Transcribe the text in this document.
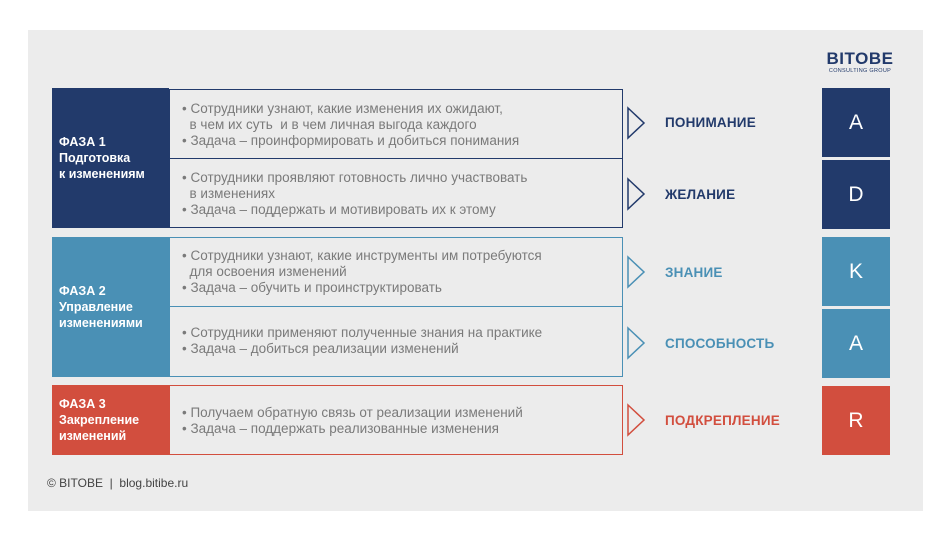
BITOBE
CONSULTING GROUP
ФАЗА 1
Подготовка
к изменениям
ФАЗА 2
Управление
изменениями
ФАЗА 3
Закрепление
изменений
• Сотрудники узнают, какие изменения их ожидают,
в чем их суть  и в чем личная выгода каждого
• Задача – проинформировать и добиться понимания
• Сотрудники проявляют готовность лично участвовать
в изменениях
• Задача – поддержать и мотивировать их к этому
• Сотрудники узнают, какие инструменты им потребуются
для освоения изменений
• Задача – обучить и проинструктировать
• Сотрудники применяют полученные знания на практике
• Задача – добиться реализации изменений
• Получаем обратную связь от реализации изменений
• Задача – поддержать реализованные изменения
ПОНИМАНИЕ
ЖЕЛАНИЕ
ЗНАНИЕ
СПОСОБНОСТЬ
ПОДКРЕПЛЕНИЕ
A
D
K
A
R
© BITOBE  |  blog.bitibe.ru
